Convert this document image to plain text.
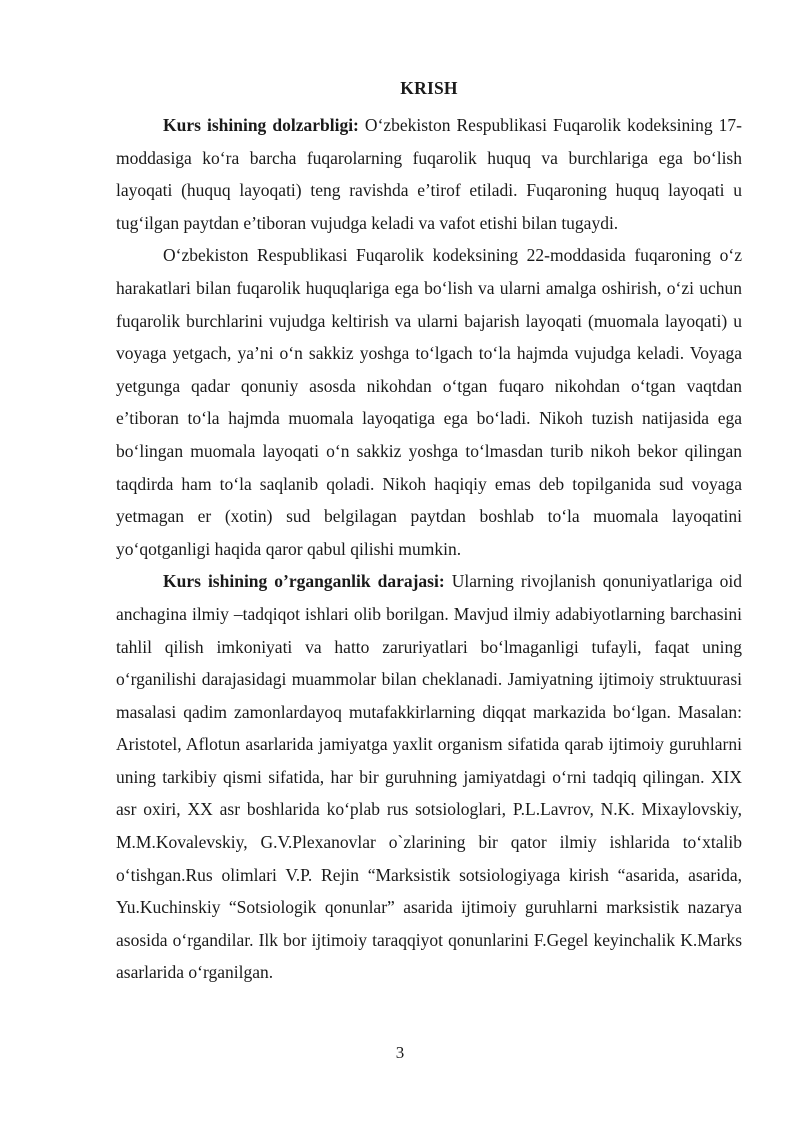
KRISH

Kurs ishining dolzarbligi: O‘zbekiston Respublikasi Fuqarolik kodeksining 17-moddasiga ko‘ra barcha fuqarolarning fuqarolik huquq va burchlariga ega bo‘lish layoqati (huquq layoqati) teng ravishda e’tirof etiladi. Fuqaroning huquq layoqati u tug‘ilgan paytdan e’tiboran vujudga keladi va vafot etishi bilan tugaydi.

O‘zbekiston Respublikasi Fuqarolik kodeksining 22-moddasida fuqaroning o‘z harakatlari bilan fuqarolik huquqlariga ega bo‘lish va ularni amalga oshirish, o‘zi uchun fuqarolik burchlarini vujudga keltirish va ularni bajarish layoqati (muomala layoqati) u voyaga yetgach, ya’ni o‘n sakkiz yoshga to‘lgach to‘la hajmda vujudga keladi. Voyaga yetgunga qadar qonuniy asosda nikohdan o‘tgan fuqaro nikohdan o‘tgan vaqtdan e’tiboran to‘la hajmda muomala layoqatiga ega bo‘ladi. Nikoh tuzish natijasida ega bo‘lingan muomala layoqati o‘n sakkiz yoshga to‘lmasdan turib nikoh bekor qilingan taqdirda ham to‘la saqlanib qoladi. Nikoh haqiqiy emas deb topilganida sud voyaga yetmagan er (xotin) sud belgilagan paytdan boshlab to‘la muomala layoqatini yo‘qotganligi haqida qaror qabul qilishi mumkin.

Kurs ishining o’rganganlik darajasi: Ularning rivojlanish qonuniyatlariga oid anchagina ilmiy –tadqiqot ishlari olib borilgan. Mavjud ilmiy adabiyotlarning barchasini tahlil qilish imkoniyati va hatto zaruriyatlari bo‘lmaganligi tufayli, faqat uning o‘rganilishi darajasidagi muammolar bilan cheklanadi. Jamiyatning ijtimoiy struktuurasi masalasi qadim zamonlardayoq mutafakkirlarning diqqat markazida bo‘lgan. Masalan: Aristotel, Aflotun asarlarida jamiyatga yaxlit organism sifatida qarab ijtimoiy guruhlarni uning tarkibiy qismi sifatida, har bir guruhning jamiyatdagi o‘rni tadqiq qilingan. XIX asr oxiri, XX asr boshlarida ko‘plab rus sotsiologlari, P.L.Lavrov, N.K. Mixaylovskiy, M.M.Kovalevskiy, G.V.Plexanovlar o`zlarining bir qator ilmiy ishlarida to‘xtalib o‘tishgan.Rus olimlari V.P. Rejin “Marksistik sotsiologiyaga kirish “asarida, asarida, Yu.Kuchinskiy “Sotsiologik qonunlar” asarida ijtimoiy guruhlarni marksistik nazarya asosida o‘rgandilar. Ilk bor ijtimoiy taraqqiyot qonunlarini F.Gegel keyinchalik K.Marks asarlarida o‘rganilgan.

3
